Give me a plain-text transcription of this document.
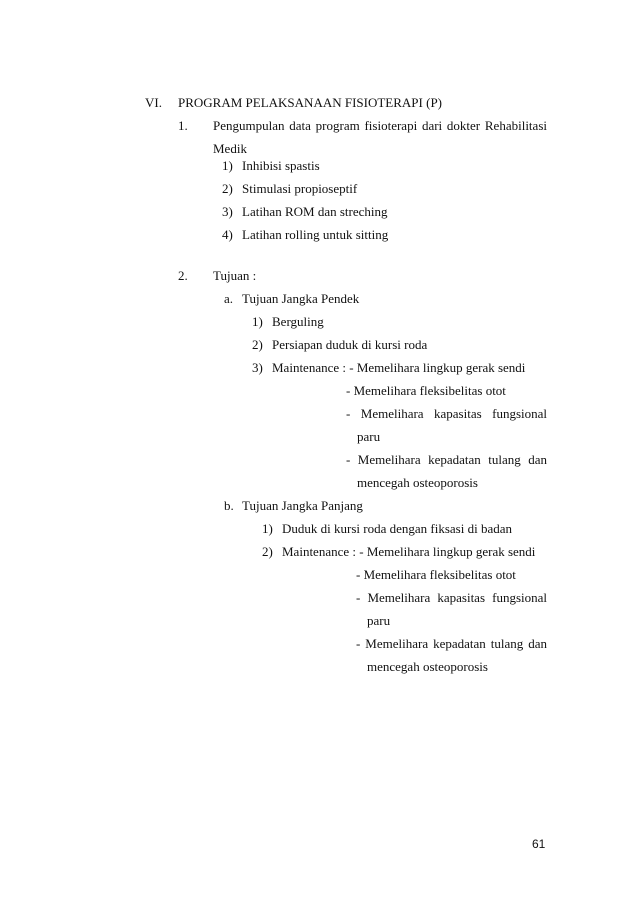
VI. PROGRAM PELAKSANAAN FISIOTERAPI (P)
1. Pengumpulan data program fisioterapi dari dokter Rehabilitasi
Medik
1) Inhibisi spastis
2) Stimulasi propioseptif
3) Latihan ROM dan streching
4) Latihan rolling untuk sitting
2. Tujuan :
a. Tujuan Jangka Pendek
1) Berguling
2) Persiapan duduk di kursi roda
3) Maintenance : - Memelihara lingkup gerak sendi
- Memelihara fleksibelitas otot
- Memelihara kapasitas fungsional
paru
- Memelihara kepadatan tulang dan
mencegah osteoporosis
b. Tujuan Jangka Panjang
1) Duduk di kursi roda dengan fiksasi di badan
2) Maintenance : - Memelihara lingkup gerak sendi
- Memelihara fleksibelitas otot
- Memelihara kapasitas fungsional
paru
- Memelihara kepadatan tulang dan
mencegah osteoporosis
61
